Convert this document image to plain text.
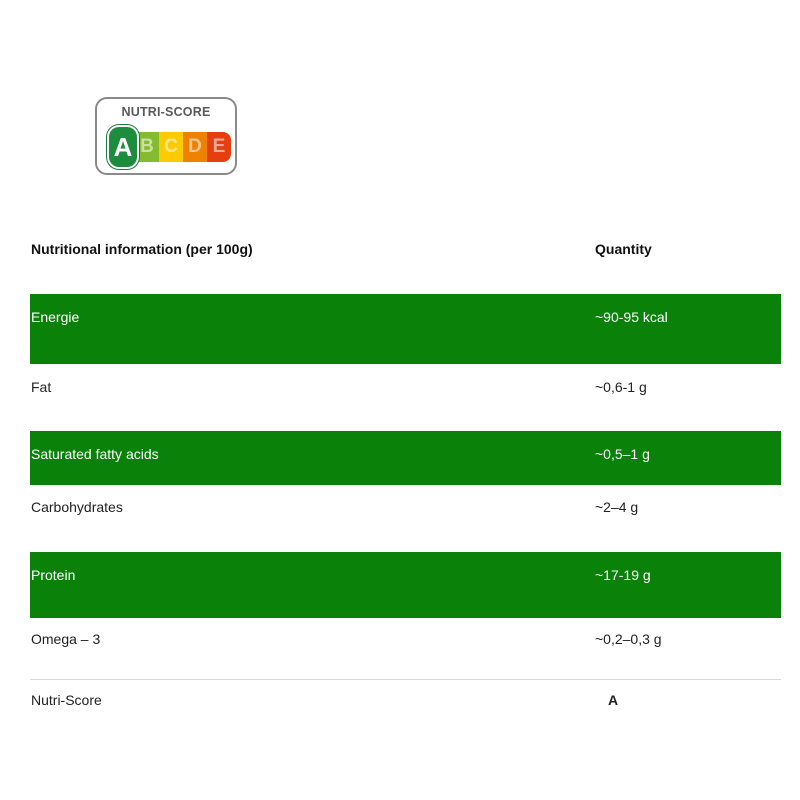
NUTRI-SCORE
A B C D E
Nutritional information (per 100g)	Quantity
Energie	~90-95 kcal
Fat	~0,6-1 g
Saturated fatty acids	~0,5–1 g
Carbohydrates	~2–4 g
Protein	~17-19 g
Omega – 3	~0,2–0,3 g
Nutri-Score	A
